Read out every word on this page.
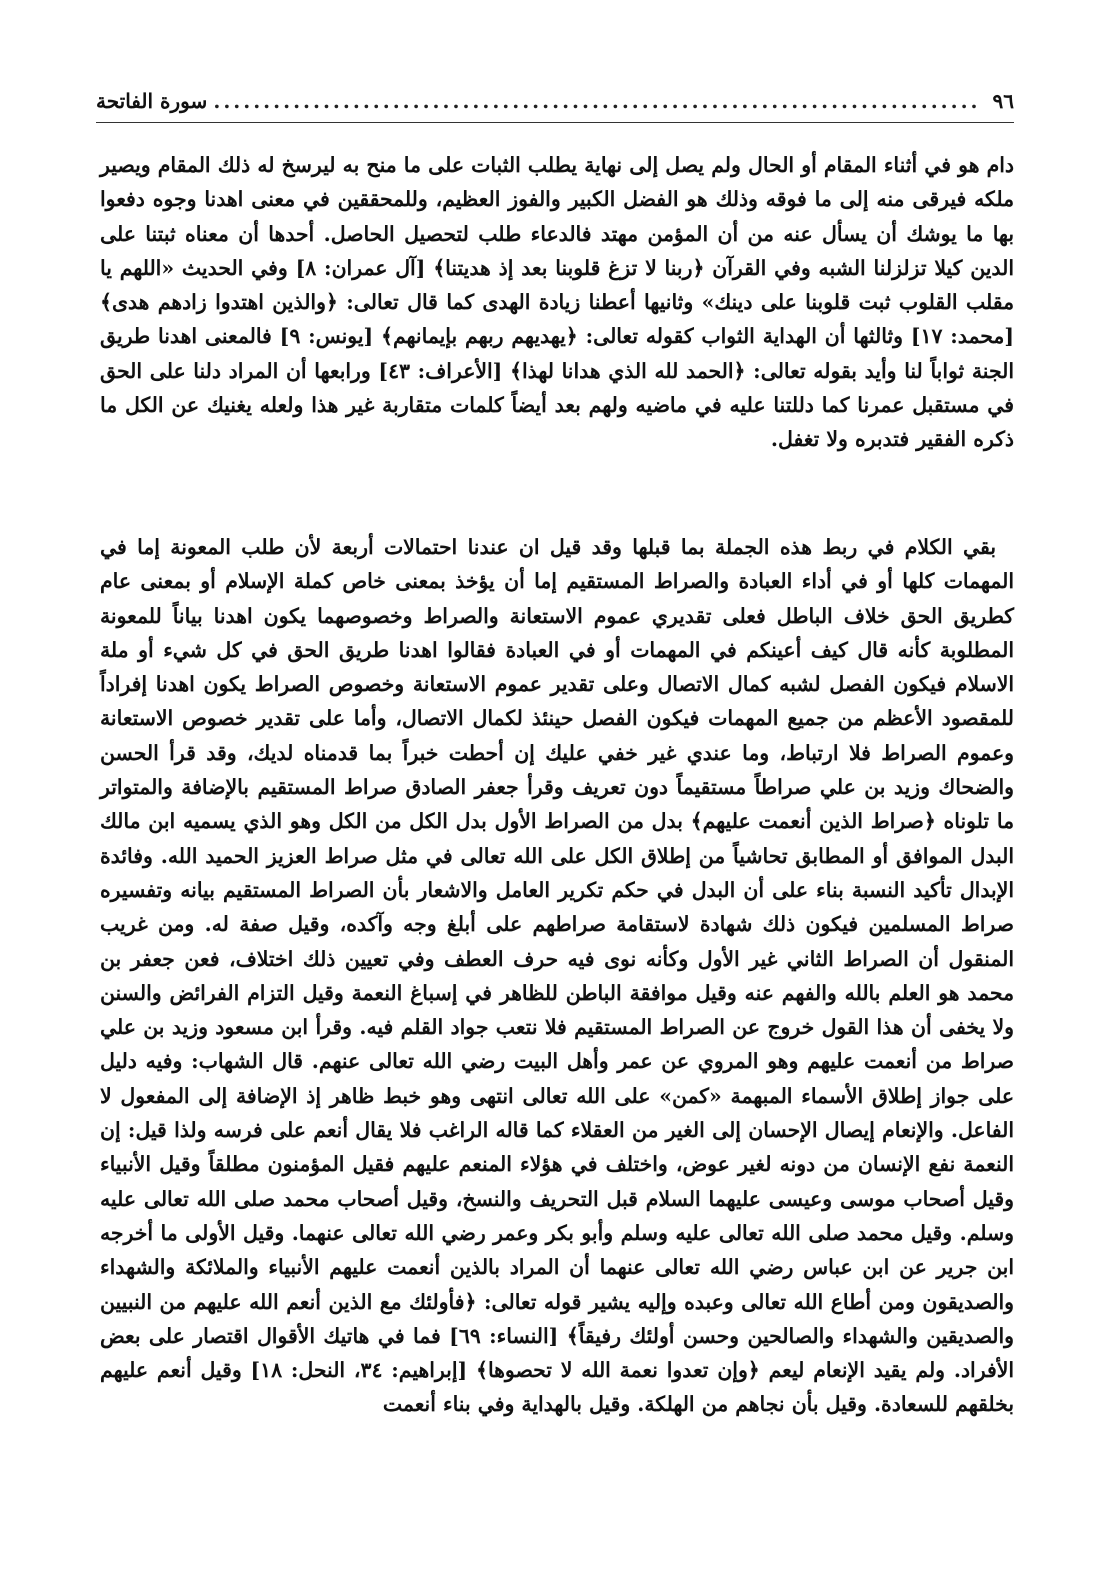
٩٦
.....
سورة الفاتحة

دام هو في أثناء المقام أو الحال ولم يصل إلى نهاية يطلب الثبات على ما منح به ليرسخ له ذلك المقام ويصير ملكه فيرقى منه إلى ما فوقه وذلك هو الفضل الكبير والفوز العظيم، وللمحققين في معنى اهدنا وجوه دفعوا بها ما يوشك أن يسأل عنه من أن المؤمن مهتد فالدعاء طلب لتحصيل الحاصل. أحدها أن معناه ثبتنا على الدين كيلا تزلزلنا الشبه وفي القرآن ﴿ربنا لا تزغ قلوبنا بعد إذ هديتنا﴾ [آل عمران: ٨] وفي الحديث «اللهم يا مقلب القلوب ثبت قلوبنا على دينك» وثانيها أعطنا زيادة الهدى كما قال تعالى: ﴿والذين اهتدوا زادهم هدى﴾ [محمد: ١٧] وثالثها أن الهداية الثواب كقوله تعالى: ﴿يهديهم ربهم بإيمانهم﴾ [يونس: ٩] فالمعنى اهدنا طريق الجنة ثواباً لنا وأيد بقوله تعالى: ﴿الحمد لله الذي هدانا لهذا﴾ [الأعراف: ٤٣] ورابعها أن المراد دلنا على الحق في مستقبل عمرنا كما دللتنا عليه في ماضيه ولهم بعد أيضاً كلمات متقاربة غير هذا ولعله يغنيك عن الكل ما ذكره الفقير فتدبره ولا تغفل.

بقي الكلام في ربط هذه الجملة بما قبلها وقد قيل ان عندنا احتمالات أربعة لأن طلب المعونة إما في المهمات كلها أو في أداء العبادة والصراط المستقيم إما أن يؤخذ بمعنى خاص كملة الإسلام أو بمعنى عام كطريق الحق خلاف الباطل فعلى تقديري عموم الاستعانة والصراط وخصوصهما يكون اهدنا بياناً للمعونة المطلوبة كأنه قال كيف أعينكم في المهمات أو في العبادة فقالوا اهدنا طريق الحق في كل شيء أو ملة الاسلام فيكون الفصل لشبه كمال الاتصال وعلى تقدير عموم الاستعانة وخصوص الصراط يكون اهدنا إفراداً للمقصود الأعظم من جميع المهمات فيكون الفصل حينئذ لكمال الاتصال، وأما على تقدير خصوص الاستعانة وعموم الصراط فلا ارتباط، وما عندي غير خفي عليك إن أحطت خبراً بما قدمناه لديك، وقد قرأ الحسن والضحاك وزيد بن علي صراطاً مستقيماً دون تعريف وقرأ جعفر الصادق صراط المستقيم بالإضافة والمتواتر ما تلوناه ﴿صراط الذين أنعمت عليهم﴾ بدل من الصراط الأول بدل الكل من الكل وهو الذي يسميه ابن مالك البدل الموافق أو المطابق تحاشياً من إطلاق الكل على الله تعالى في مثل صراط العزيز الحميد الله. وفائدة الإبدال تأكيد النسبة بناء على أن البدل في حكم تكرير العامل والاشعار بأن الصراط المستقيم بيانه وتفسيره صراط المسلمين فيكون ذلك شهادة لاستقامة صراطهم على أبلغ وجه وآكده، وقيل صفة له. ومن غريب المنقول أن الصراط الثاني غير الأول وكأنه نوى فيه حرف العطف وفي تعيين ذلك اختلاف، فعن جعفر بن محمد هو العلم بالله والفهم عنه وقيل موافقة الباطن للظاهر في إسباغ النعمة وقيل التزام الفرائض والسنن ولا يخفى أن هذا القول خروج عن الصراط المستقيم فلا نتعب جواد القلم فيه. وقرأ ابن مسعود وزيد بن علي صراط من أنعمت عليهم وهو المروي عن عمر وأهل البيت رضي الله تعالى عنهم. قال الشهاب: وفيه دليل على جواز إطلاق الأسماء المبهمة «كمن» على الله تعالى انتهى وهو خبط ظاهر إذ الإضافة إلى المفعول لا الفاعل. والإنعام إيصال الإحسان إلى الغير من العقلاء كما قاله الراغب فلا يقال أنعم على فرسه ولذا قيل: إن النعمة نفع الإنسان من دونه لغير عوض، واختلف في هؤلاء المنعم عليهم فقيل المؤمنون مطلقاً وقيل الأنبياء وقيل أصحاب موسى وعيسى عليهما السلام قبل التحريف والنسخ، وقيل أصحاب محمد صلى الله تعالى عليه وسلم. وقيل محمد صلى الله تعالى عليه وسلم وأبو بكر وعمر رضي الله تعالى عنهما. وقيل الأولى ما أخرجه ابن جرير عن ابن عباس رضي الله تعالى عنهما أن المراد بالذين أنعمت عليهم الأنبياء والملائكة والشهداء والصديقون ومن أطاع الله تعالى وعبده وإليه يشير قوله تعالى: ﴿فأولئك مع الذين أنعم الله عليهم من النبيين والصديقين والشهداء والصالحين وحسن أولئك رفيقاً﴾ [النساء: ٦٩] فما في هاتيك الأقوال اقتصار على بعض الأفراد. ولم يقيد الإنعام ليعم ﴿وإن تعدوا نعمة الله لا تحصوها﴾ [إبراهيم: ٣٤، النحل: ١٨] وقيل أنعم عليهم بخلقهم للسعادة. وقيل بأن نجاهم من الهلكة. وقيل بالهداية وفي بناء أنعمت
